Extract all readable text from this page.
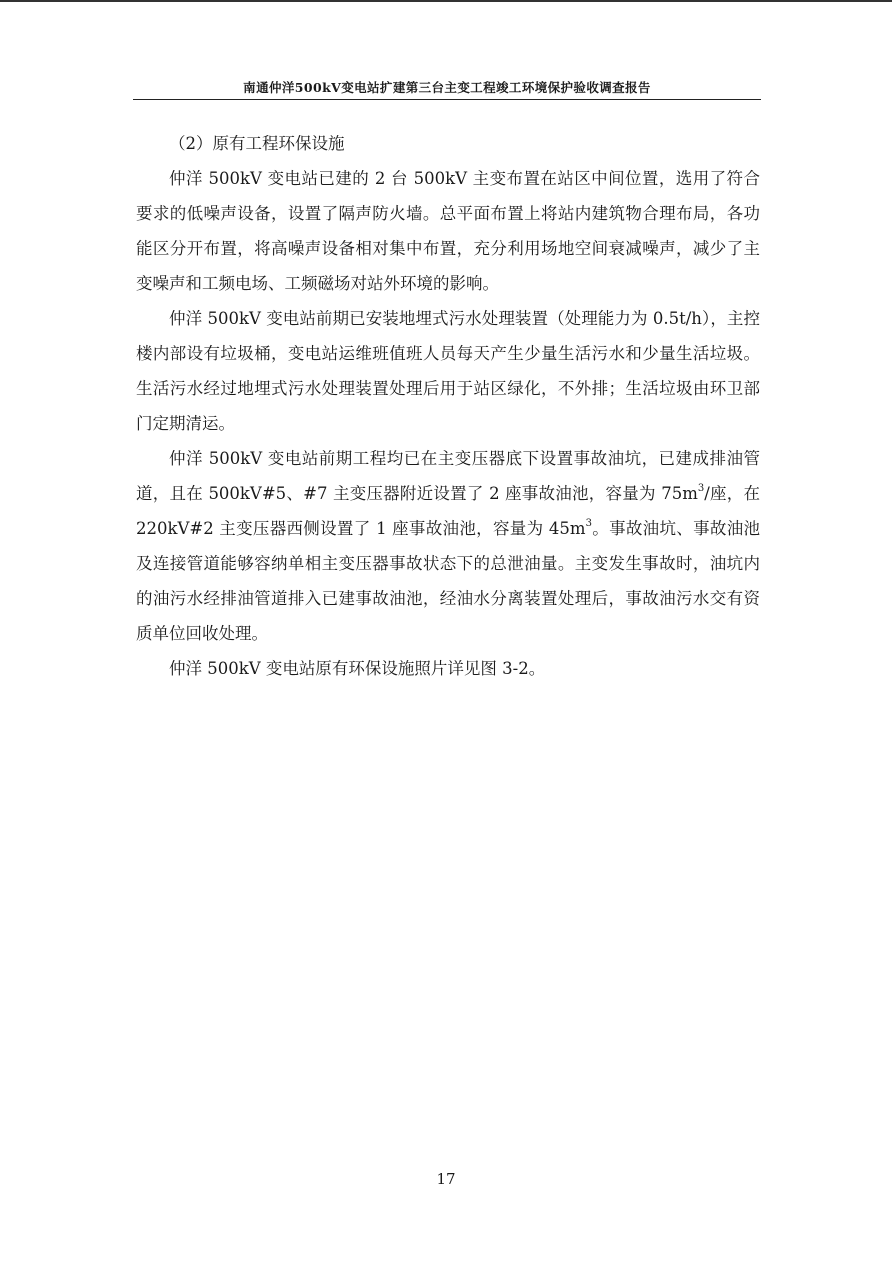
南通仲洋500kV变电站扩建第三台主变工程竣工环境保护验收调查报告

（2）原有工程环保设施

仲洋 500kV 变电站已建的 2 台 500kV 主变布置在站区中间位置，选用了符合要求的低噪声设备，设置了隔声防火墙。总平面布置上将站内建筑物合理布局，各功能区分开布置，将高噪声设备相对集中布置，充分利用场地空间衰减噪声，减少了主变噪声和工频电场、工频磁场对站外环境的影响。

仲洋 500kV 变电站前期已安装地埋式污水处理装置（处理能力为 0.5t/h），主控楼内部设有垃圾桶，变电站运维班值班人员每天产生少量生活污水和少量生活垃圾。生活污水经过地埋式污水处理装置处理后用于站区绿化，不外排；生活垃圾由环卫部门定期清运。

仲洋 500kV 变电站前期工程均已在主变压器底下设置事故油坑，已建成排油管道，且在 500kV#5、#7 主变压器附近设置了 2 座事故油池，容量为 $75m^3/$座，在 220kV#2 主变压器西侧设置了 1 座事故油池，容量为 $45m^3$。事故油坑、事故油池及连接管道能够容纳单相主变压器事故状态下的总泄油量。主变发生事故时，油坑内的油污水经排油管道排入已建事故油池，经油水分离装置处理后，事故油污水交有资质单位回收处理。

仲洋 500kV 变电站原有环保设施照片详见图 3-2。

17
